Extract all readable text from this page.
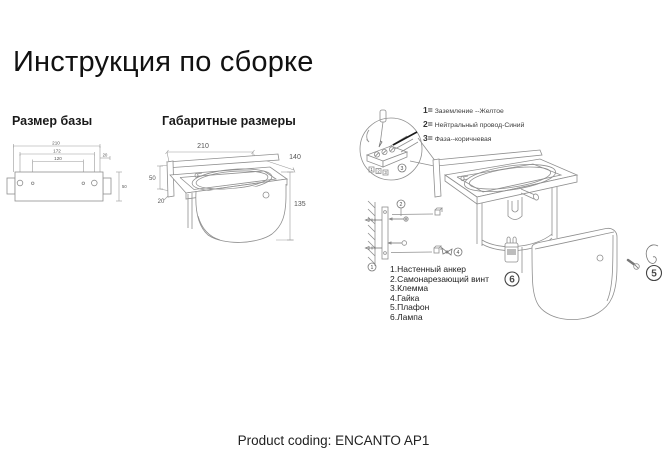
Инструкция по сборке
Размер базы	Габаритные размеры
210
172
120
20
50
210
140
50
20	135
1 2 3
3
2
1
4
6
5
1= Заземление --Желтое
2= Нейтральный провод-Синий
3= Фаза--коричневая
1.Настенный анкер
2.Самонарезающий винт
3.Клемма
4.Гайка
5.Плафон
6.Лампа
Product coding: ENCANTO AP1
